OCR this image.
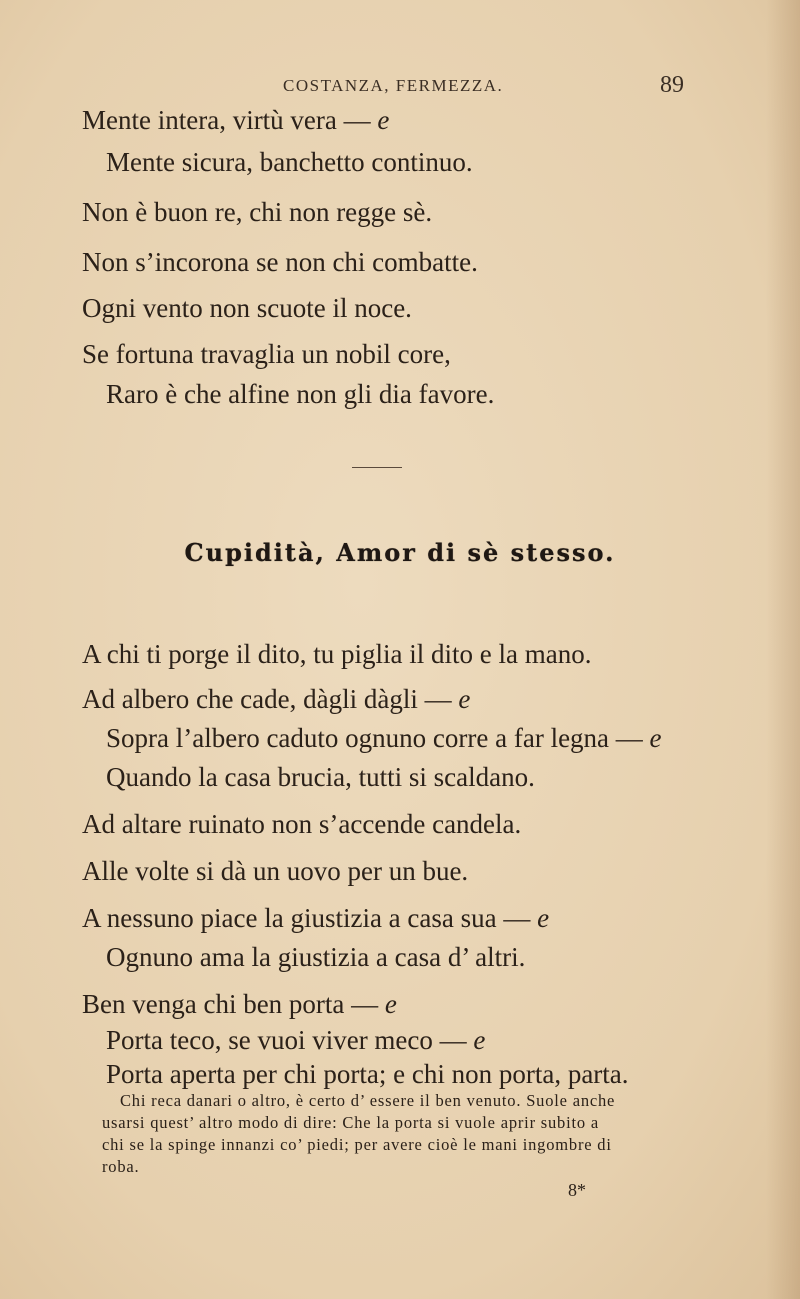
COSTANZA, FERMEZZA.	89
Mente intera, virtù vera — e
Mente sicura, banchetto continuo.
Non è buon re, chi non regge sè.
Non s’incorona se non chi combatte.
Ogni vento non scuote il noce.
Se fortuna travaglia un nobil core,
Raro è che alfine non gli dia favore.
Cupidità, Amor di sè stesso.
A chi ti porge il dito, tu piglia il dito e la mano.
Ad albero che cade, dàgli dàgli — e
Sopra l’albero caduto ognuno corre a far legna — e
Quando la casa brucia, tutti si scaldano.
Ad altare ruinato non s’accende candela.
Alle volte si dà un uovo per un bue.
A nessuno piace la giustizia a casa sua — e
Ognuno ama la giustizia a casa d’ altri.
Ben venga chi ben porta — e
Porta teco, se vuoi viver meco — e
Porta aperta per chi porta; e chi non porta, parta.
Chi reca danari o altro, è certo d’ essere il ben venuto. Suole anche
usarsi quest’ altro modo di dire: Che la porta si vuole aprir subito a
chi se la spinge innanzi co’ piedi; per avere cioè le mani ingombre di
roba.
8*
